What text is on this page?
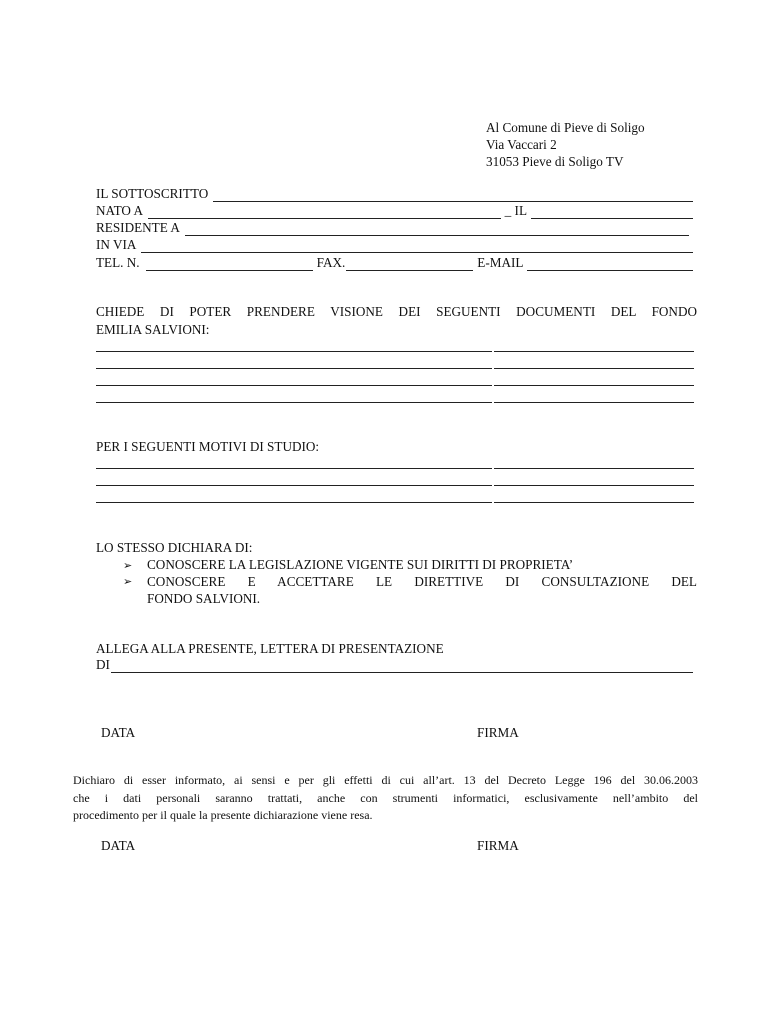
Al Comune di Pieve di Soligo
Via Vaccari 2
31053 Pieve di Soligo TV
IL SOTTOSCRITTO
NATO A	_ IL
RESIDENTE A
IN VIA
TEL. N.	FAX.	E-MAIL
CHIEDE DI POTER PRENDERE VISIONE DEI SEGUENTI DOCUMENTI DEL FONDO
EMILIA SALVIONI:
PER I SEGUENTI MOTIVI DI STUDIO:
LO STESSO DICHIARA DI:
➢ CONOSCERE LA LEGISLAZIONE VIGENTE SUI DIRITTI DI PROPRIETA’
➢	CONOSCERE E ACCETTARE LE DIRETTIVE DI CONSULTAZIONE DEL
FONDO SALVIONI.
ALLEGA ALLA PRESENTE, LETTERA DI PRESENTAZIONE
DI
DATA	FIRMA
Dichiaro di esser informato, ai sensi e per gli effetti di cui all’art. 13 del Decreto Legge 196 del 30.06.2003
che i dati personali saranno trattati, anche con strumenti informatici, esclusivamente nell’ambito del
procedimento per il quale la presente dichiarazione viene resa.
DATA	FIRMA
